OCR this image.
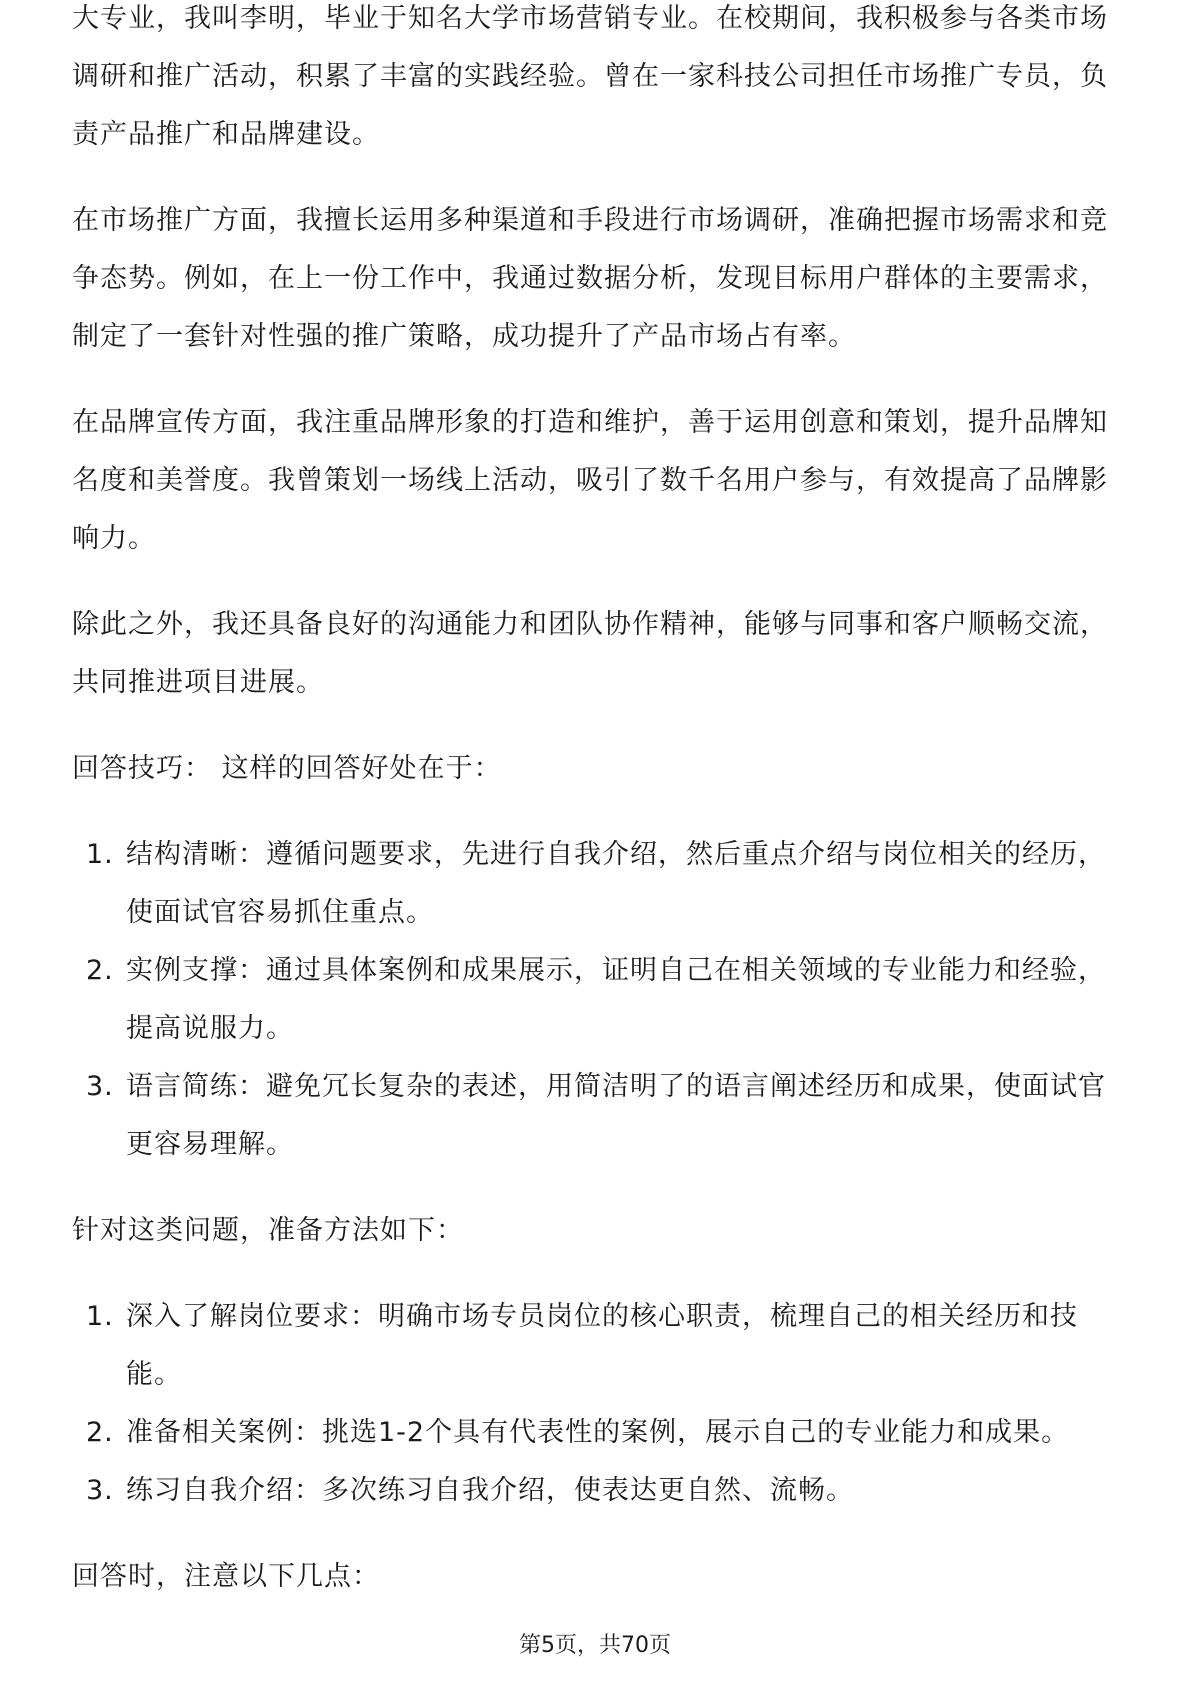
大专业，我叫李明，毕业于知名大学市场营销专业。在校期间，我积极参与各类市场调研和推广活动，积累了丰富的实践经验。曾在一家科技公司担任市场推广专员，负责产品推广和品牌建设。

在市场推广方面，我擅长运用多种渠道和手段进行市场调研，准确把握市场需求和竞争态势。例如，在上一份工作中，我通过数据分析，发现目标用户群体的主要需求，制定了一套针对性强的推广策略，成功提升了产品市场占有率。

在品牌宣传方面，我注重品牌形象的打造和维护，善于运用创意和策划，提升品牌知名度和美誉度。我曾策划一场线上活动，吸引了数千名用户参与，有效提高了品牌影响力。

除此之外，我还具备良好的沟通能力和团队协作精神，能够与同事和客户顺畅交流，共同推进项目进展。

回答技巧： 这样的回答好处在于：

1. 结构清晰：遵循问题要求，先进行自我介绍，然后重点介绍与岗位相关的经历，使面试官容易抓住重点。
2. 实例支撑：通过具体案例和成果展示，证明自己在相关领域的专业能力和经验，提高说服力。
3. 语言简练：避免冗长复杂的表述，用简洁明了的语言阐述经历和成果，使面试官更容易理解。

针对这类问题，准备方法如下：

1. 深入了解岗位要求：明确市场专员岗位的核心职责，梳理自己的相关经历和技能。
2. 准备相关案例：挑选1-2个具有代表性的案例，展示自己的专业能力和成果。
3. 练习自我介绍：多次练习自我介绍，使表达更自然、流畅。

回答时，注意以下几点：

第5页，共70页
